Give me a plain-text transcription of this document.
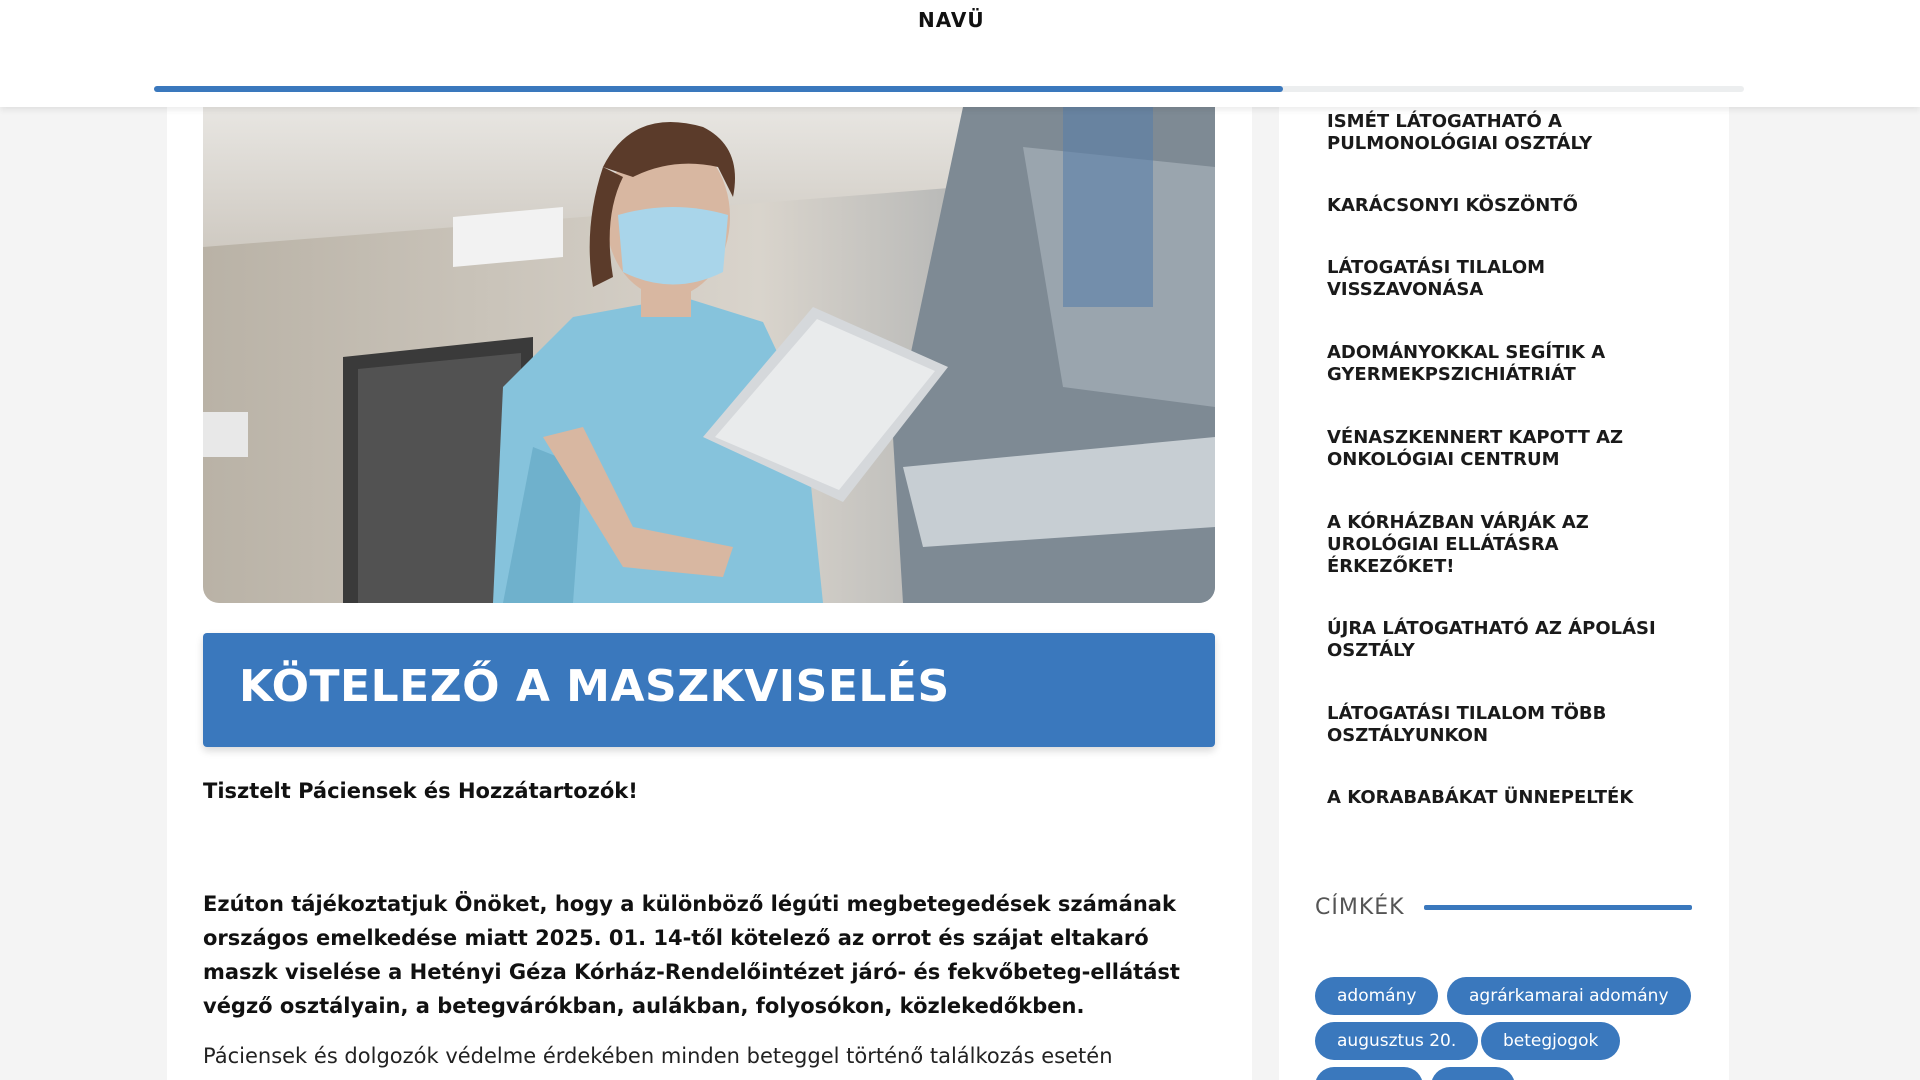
NAVÜ
KÖTELEZŐ A MASZKVISELÉS
Tisztelt Páciensek és Hozzátartozók!
Ezúton tájékoztatjuk Önöket, hogy a különböző légúti megbetegedések számának
országos emelkedése miatt 2025. 01. 14-től kötelező az orrot és szájat eltakaró
maszk viselése a Hetényi Géza Kórház-Rendelőintézet járó- és fekvőbeteg-ellátást
végző osztályain, a betegvárókban, aulákban, folyosókon, közlekedőkben.
Páciensek és dolgozók védelme érdekében minden beteggel történő találkozás esetén
ISMÉT LÁTOGATHATÓ A PULMONOLÓGIAI OSZTÁLY
KARÁCSONYI KÖSZÖNTŐ
LÁTOGATÁSI TILALOM VISSZAVONÁSA
ADOMÁNYOKKAL SEGÍTIK A GYERMEKPSZICHIÁTRIÁT
VÉNASZKENNERT KAPOTT AZ ONKOLÓGIAI CENTRUM
A KÓRHÁZBAN VÁRJÁK AZ UROLÓGIAI ELLÁTÁSRA ÉRKEZŐKET!
ÚJRA LÁTOGATHATÓ AZ ÁPOLÁSI OSZTÁLY
LÁTOGATÁSI TILALOM TÖBB OSZTÁLYUNKON
A KORABABÁKAT ÜNNEPELTÉK
CÍMKÉK
adomány	agrárkamarai adomány
augusztus 20.	betegjogok
